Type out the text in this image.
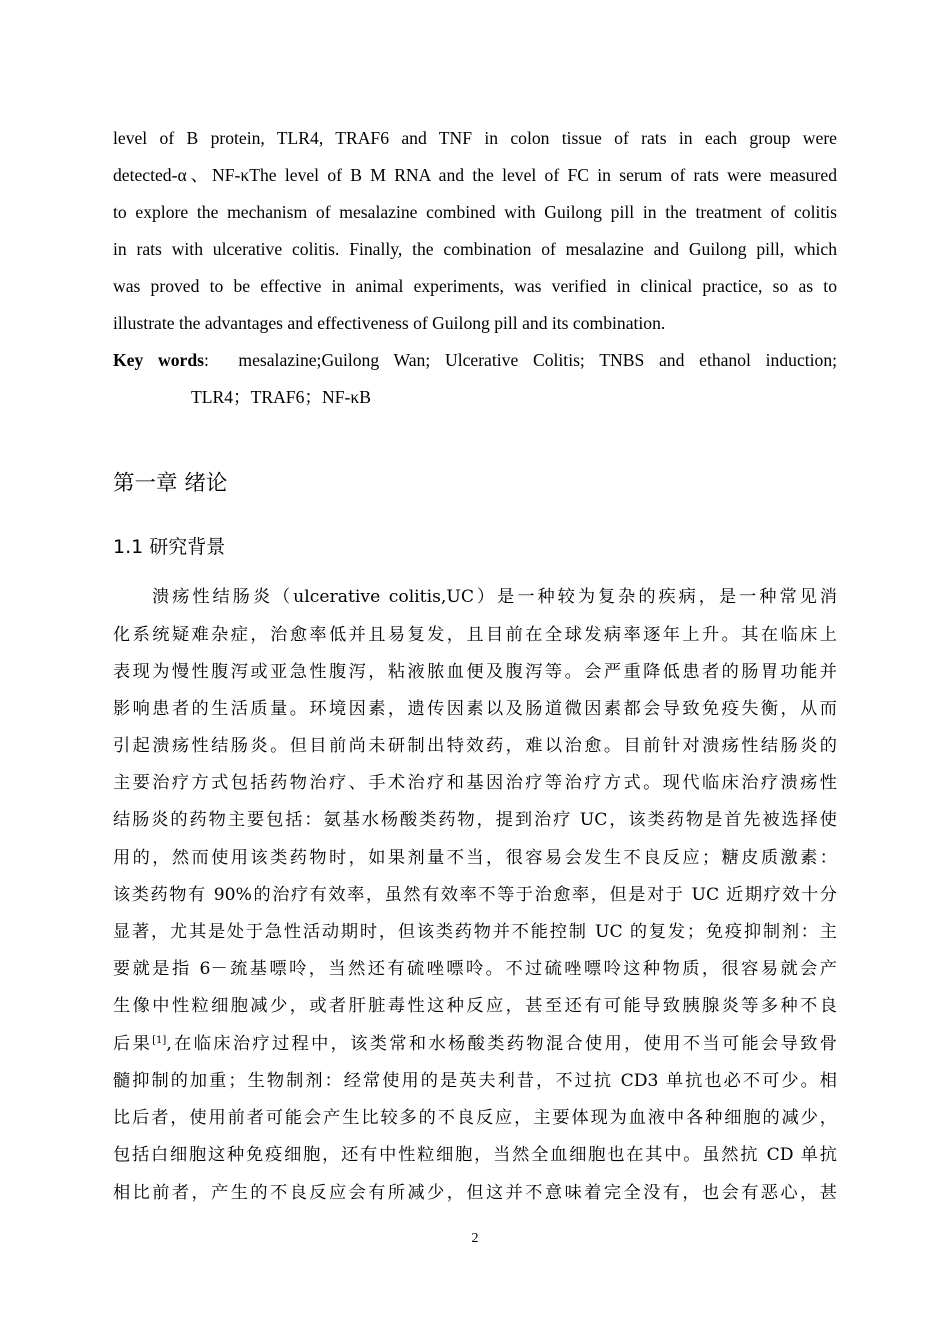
level of B protein, TLR4, TRAF6 and TNF in colon tissue of rats in each group were
detected-α、NF-κThe level of B M RNA and the level of FC in serum of rats were measured
to explore the mechanism of mesalazine combined with Guilong pill in the treatment of colitis
in rats with ulcerative colitis. Finally, the combination of mesalazine and Guilong pill, which
was proved to be effective in animal experiments, was verified in clinical practice, so as to
illustrate the advantages and effectiveness of Guilong pill and its combination.
Key words: mesalazine;Guilong Wan; Ulcerative Colitis; TNBS and ethanol induction;
TLR4；TRAF6；NF-κB
第一章 绪论
1.1 研究背景
溃疡性结肠炎（ulcerative colitis,UC）是一种较为复杂的疾病，是一种常见消
化系统疑难杂症，治愈率低并且易复发，且目前在全球发病率逐年上升。其在临床上
表现为慢性腹泻或亚急性腹泻，粘液脓血便及腹泻等。会严重降低患者的肠胃功能并
影响患者的生活质量。环境因素，遗传因素以及肠道微因素都会导致免疫失衡，从而
引起溃疡性结肠炎。但目前尚未研制出特效药，难以治愈。目前针对溃疡性结肠炎的
主要治疗方式包括药物治疗、手术治疗和基因治疗等治疗方式。现代临床治疗溃疡性
结肠炎的药物主要包括：氨基水杨酸类药物，提到治疗 UC，该类药物是首先被选择使
用的，然而使用该类药物时，如果剂量不当，很容易会发生不良反应；糖皮质激素：
该类药物有 90%的治疗有效率，虽然有效率不等于治愈率，但是对于 UC 近期疗效十分
显著，尤其是处于急性活动期时，但该类药物并不能控制 UC 的复发；免疫抑制剂：主
要就是指 6－巯基嘌呤，当然还有硫唑嘌呤。不过硫唑嘌呤这种物质，很容易就会产
生像中性粒细胞减少，或者肝脏毒性这种反应，甚至还有可能导致胰腺炎等多种不良
后果[1],在临床治疗过程中，该类常和水杨酸类药物混合使用，使用不当可能会导致骨
髓抑制的加重；生物制剂：经常使用的是英夫利昔，不过抗 CD3 单抗也必不可少。相
比后者，使用前者可能会产生比较多的不良反应，主要体现为血液中各种细胞的减少，
包括白细胞这种免疫细胞，还有中性粒细胞，当然全血细胞也在其中。虽然抗 CD 单抗
相比前者，产生的不良反应会有所减少，但这并不意味着完全没有，也会有恶心，甚
2
